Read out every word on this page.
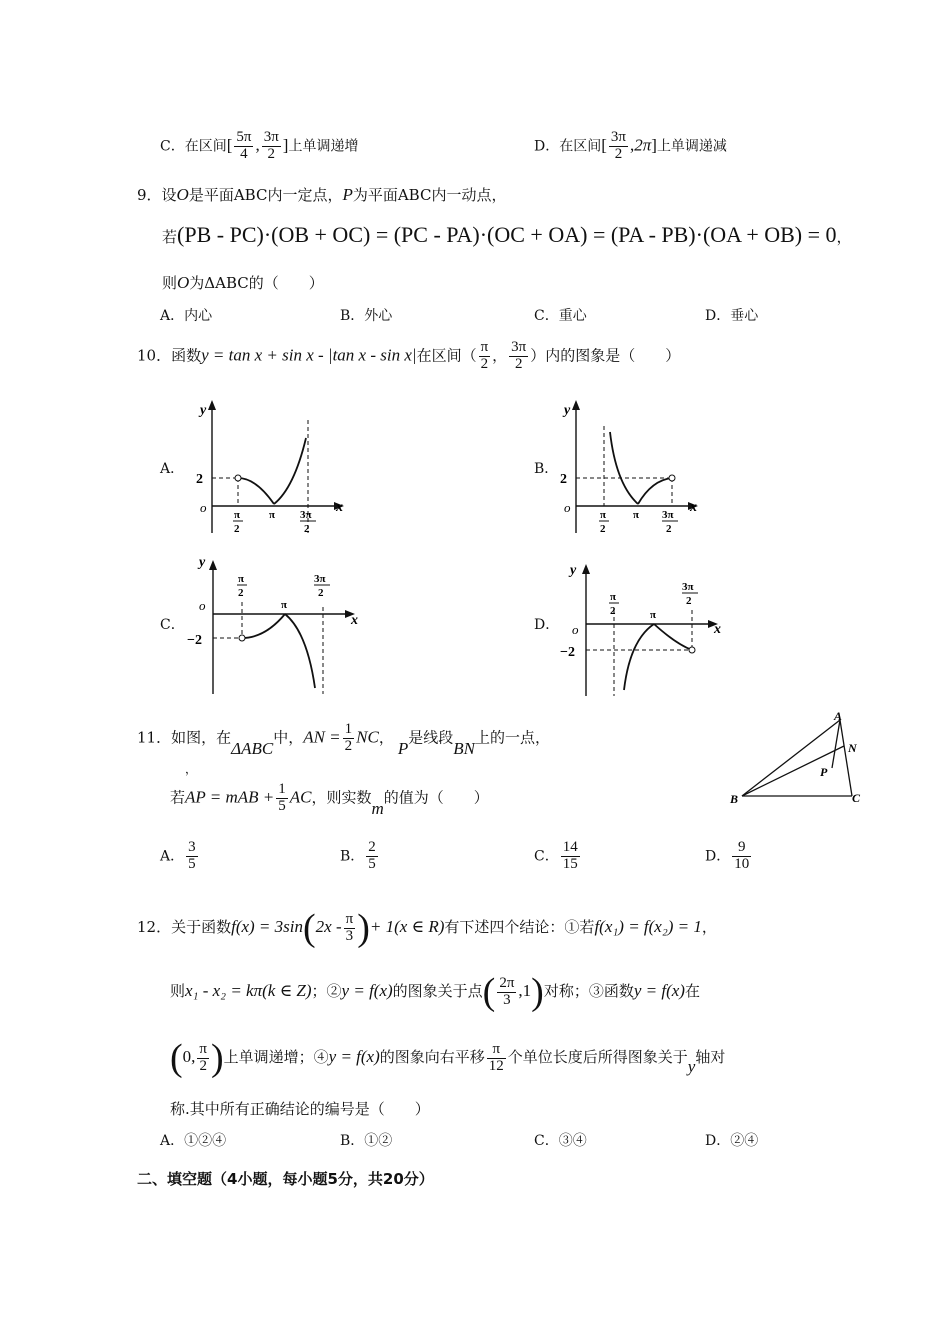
C．在区间[ $\frac{5\pi}{4}$ , $\frac{3\pi}{2}$ ]上单调递增	D．在区间[ $\frac{3\pi}{2} ,2\pi$]上单调递减
9．设O是平面ABC内一定点，P为平面ABC内一动点，
若(PB - PC)·(OB + OC) = (PC - PA)·(OC + OA) = (PA - PB)·(OA + OB) = 0，
则O为ΔABC的（　　）
A．内心	B．外心	C．重心	D．垂心
10．函数y = tan x + sin x - |tan x - sin x|在区间（ $\frac{\pi}{2}$ ， $\frac{3\pi}{2}$ ）内的图象是（　　）
A．	B．
C．	D．
y
x
o
2
π
2
π 3π
2
y
x
o
2
π
2
π 3π
2
y
x
o
−2
π
2
π
3π
2
y
x
o
−2
π
2	π
3π
2
11．如图，在ΔABC中，AN = $\frac{1}{2}$ NC，P是线段BN上的一点，
，
若AP = mAB + $\frac{1}{5}$ AC，则实数m的值为（　　）
A
B	C
N
P
A． $\frac{3}{5}$	B． $\frac{2}{5}$	C． $\frac{14}{15}$	D． $\frac{9}{10}$
12．关于函数$f(x) = 3\sin(2x - \frac{\pi}{3}$ )+ 1(x ∈ R)有下述四个结论：①若f(x₁) = f(x₂) = 1，
则x₁ - x₂ = kπ(k ∈ Z)；②y = f(x)的图象关于点( $\frac{2\pi}{3} ,1$)对称；③函数y = f(x)在
(0, $\frac{\pi}{2}$ )上单调递增；④y = f(x)的图象向右平移 $\frac{\pi}{12}$ 个单位长度后所得图象关于y轴对
称.其中所有正确结论的编号是（　　）
A．①②④	B．①②	C．③④	D．②④
二、填空题（4小题，每小题5分，共20分）
